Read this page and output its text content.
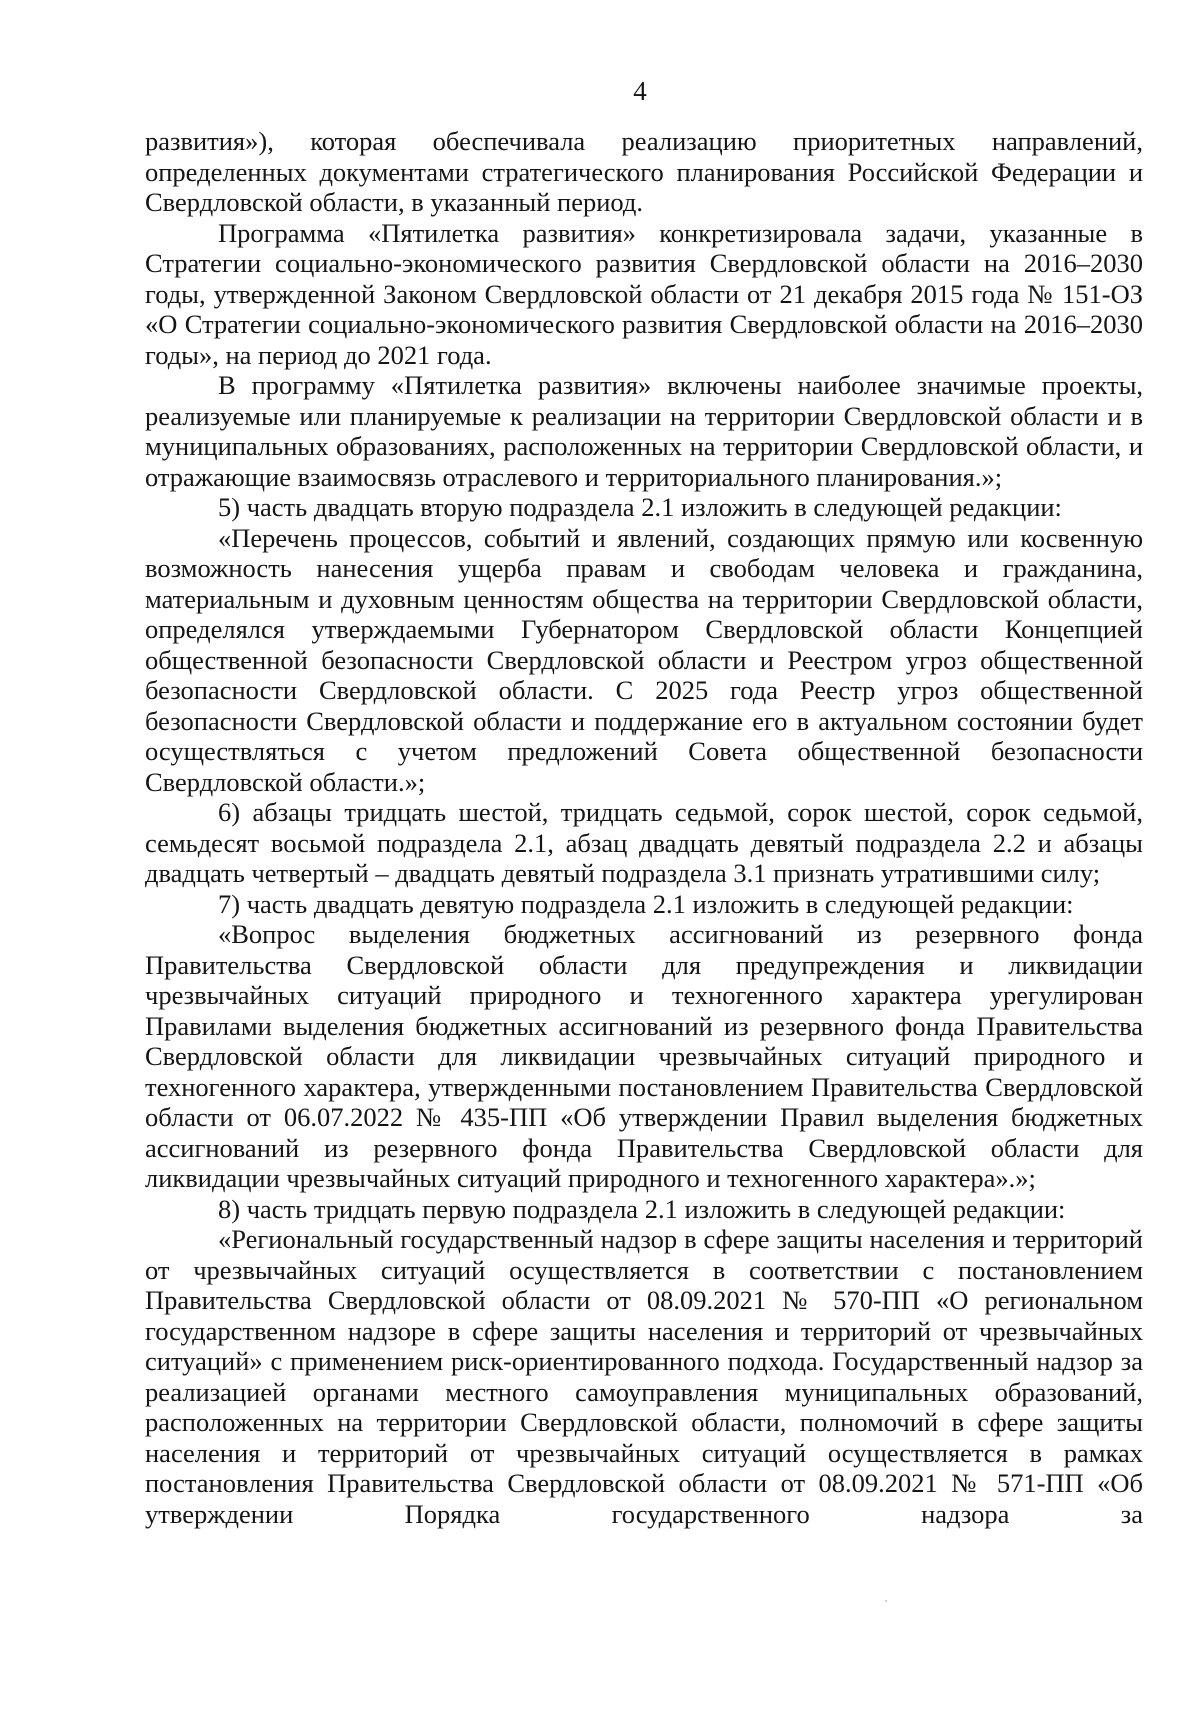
4

развития»), которая обеспечивала реализацию приоритетных направлений, определенных документами стратегического планирования Российской Федерации и Свердловской области, в указанный период.

Программа «Пятилетка развития» конкретизировала задачи, указанные в Стратегии социально-экономического развития Свердловской области на 2016–2030 годы, утвержденной Законом Свердловской области от 21 декабря 2015 года № 151-ОЗ «О Стратегии социально-экономического развития Свердловской области на 2016–2030 годы», на период до 2021 года.

В программу «Пятилетка развития» включены наиболее значимые проекты, реализуемые или планируемые к реализации на территории Свердловской области и в муниципальных образованиях, расположенных на территории Свердловской области, и отражающие взаимосвязь отраслевого и территориального планирования.»;

5) часть двадцать вторую подраздела 2.1 изложить в следующей редакции:

«Перечень процессов, событий и явлений, создающих прямую или косвенную возможность нанесения ущерба правам и свободам человека и гражданина, материальным и духовным ценностям общества на территории Свердловской области, определялся утверждаемыми Губернатором Свердловской области Концепцией общественной безопасности Свердловской области и Реестром угроз общественной безопасности Свердловской области. С 2025 года Реестр угроз общественной безопасности Свердловской области и поддержание его в актуальном состоянии будет осуществляться с учетом предложений Совета общественной безопасности Свердловской области.»;

6) абзацы тридцать шестой, тридцать седьмой, сорок шестой, сорок седьмой, семьдесят восьмой подраздела 2.1, абзац двадцать девятый подраздела 2.2 и абзацы двадцать четвертый – двадцать девятый подраздела 3.1 признать утратившими силу;

7) часть двадцать девятую подраздела 2.1 изложить в следующей редакции:

«Вопрос выделения бюджетных ассигнований из резервного фонда Правительства Свердловской области для предупреждения и ликвидации чрезвычайных ситуаций природного и техногенного характера урегулирован Правилами выделения бюджетных ассигнований из резервного фонда Правительства Свердловской области для ликвидации чрезвычайных ситуаций природного и техногенного характера, утвержденными постановлением Правительства Свердловской области от 06.07.2022 № 435-ПП «Об утверждении Правил выделения бюджетных ассигнований из резервного фонда Правительства Свердловской области для ликвидации чрезвычайных ситуаций природного и техногенного характера».»;

8) часть тридцать первую подраздела 2.1 изложить в следующей редакции:

«Региональный государственный надзор в сфере защиты населения и территорий от чрезвычайных ситуаций осуществляется в соответствии с постановлением Правительства Свердловской области от 08.09.2021 № 570-ПП «О региональном государственном надзоре в сфере защиты населения и территорий от чрезвычайных ситуаций» с применением риск-ориентированного подхода. Государственный надзор за реализацией органами местного самоуправления муниципальных образований, расположенных на территории Свердловской области, полномочий в сфере защиты населения и территорий от чрезвычайных ситуаций осуществляется в рамках постановления Правительства Свердловской области от 08.09.2021 № 571-ПП «Об утверждении Порядка государственного надзора за
